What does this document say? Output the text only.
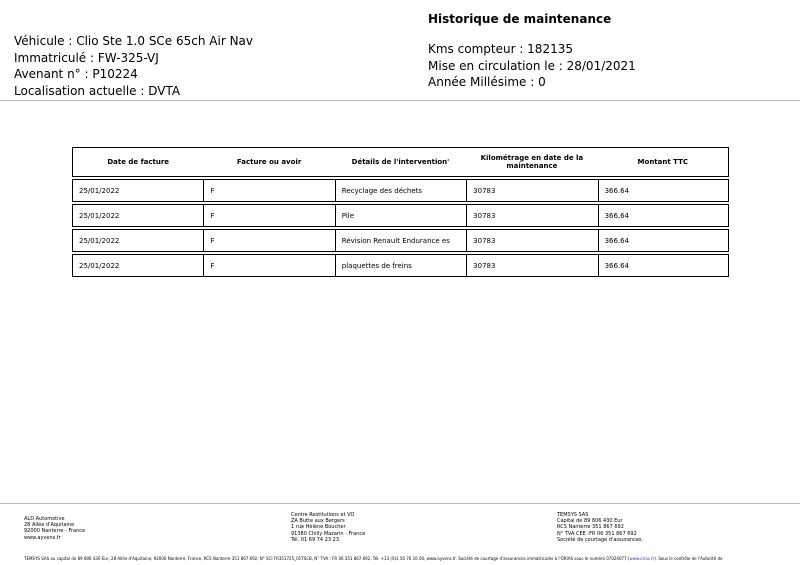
Véhicule : Clio Ste 1.0 SCe 65ch Air Nav
Immatriculé : FW-325-VJ
Avenant n° : P10224
Localisation actuelle : DVTA
Historique de maintenance
Kms compteur : 182135
Mise en circulation le : 28/01/2021
Année Millésime : 0
Date de facture	Facture ou avoir	Détails de l'intervention'	Kilométrage en date de la maintenance	Montant TTC

25/01/2022	F	Recyclage des déchets	30783	366.64

25/01/2022	F	Pile	30783	366.64

25/01/2022	F	Révision Renault Endurance es	30783	366.64

25/01/2022	F	plaquettes de freins	30783	366.64
ALD Automotive
28 Allée d'Aquitaine
92000 Nanterre - France
www.ayvens.fr
Centre Restitutions et VO
ZA Butte aux Bergers
1 rue Hélène Boucher
91380 Chilly Mazarin - France
Tél. 01 69 74 23 23
TEMSYS SAS
Capital de 89 806 430 Eur
RCS Nanterre 351 867 692
N° TVA CEE :FR 06 351 867 692
Société de courtage d'assurances.
TEMSYS SAS au capital de 89 806 430 Eur, 28 Allée d'Aquitaine, 92000 Nanterre, France, RCS Nanterre 351 867 692, N° SCI FR351725_01TSCB, N° TVA : FR 06 351 867 692, Tél. +33 (0)1 56 76 16 00, www.ayvens.fr. Société de courtage d'assurances immatriculée à l'ORIAS sous le numéro 07024077 (www.orias.fr). Sous le contrôle de l'Autorité de
